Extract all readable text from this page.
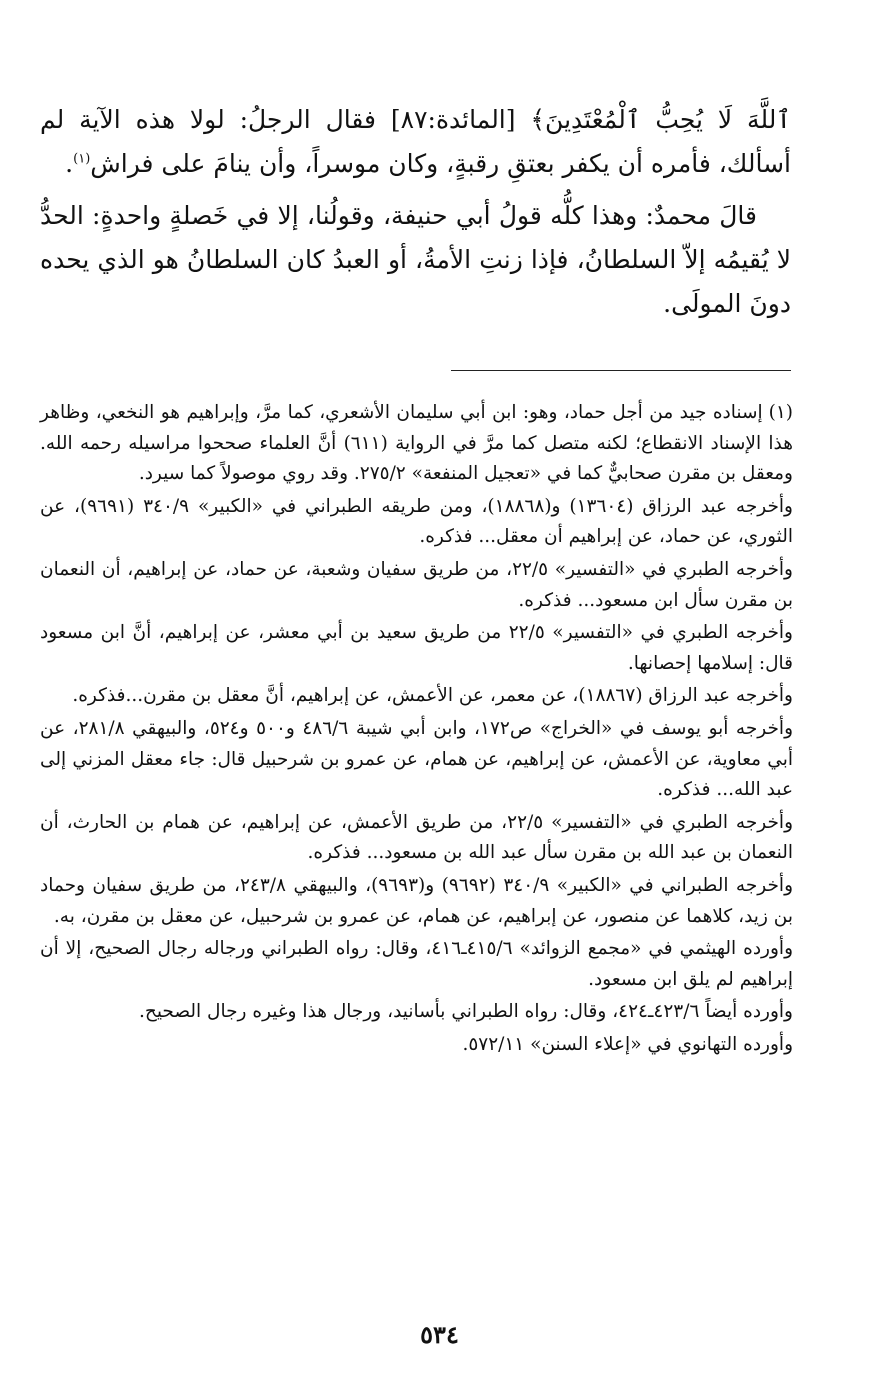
ٱللَّهَ لَا يُحِبُّ ٱلْمُعْتَدِينَ﴾ [المائدة:٨٧] فقال الرجلُ: لولا هذه الآية لم أسألك، فأمره أن يكفر بعتقِ رقبةٍ، وكان موسراً، وأن ينامَ على فراش$^{(١)}$.

قالَ محمدٌ: وهذا كلُّه قولُ أبي حنيفة، وقولُنا، إلا في خَصلةٍ واحدةٍ: الحدُّ لا يُقيمُه إلاّ السلطانُ، فإذا زنتِ الأمةُ، أو العبدُ كان السلطانُ هو الذي يحده دونَ المولَى.

(١)إسناده جيد من أجل حماد، وهو: ابن أبي سليمان الأشعري، كما مرَّ، وإبراهيم هو النخعي، وظاهر هذا الإسناد الانقطاع؛ لكنه متصل كما مرَّ في الرواية (٦١١) أنَّ العلماء صححوا مراسيله رحمه الله. ومعقل بن مقرن صحابيٌّ كما في «تعجيل المنفعة» ٢٧٥/٢. وقد روي موصولاً كما سيرد.

وأخرجه عبد الرزاق (١٣٦٠٤) و(١٨٨٦٨)، ومن طريقه الطبراني في «الكبير» ٣٤٠/٩ (٩٦٩١)، عن الثوري، عن حماد، عن إبراهيم أن معقل... فذكره.

وأخرجه الطبري في «التفسير» ٢٢/٥، من طريق سفيان وشعبة، عن حماد، عن إبراهيم، أن النعمان بن مقرن سأل ابن مسعود... فذكره.

وأخرجه الطبري في «التفسير» ٢٢/٥ من طريق سعيد بن أبي معشر، عن إبراهيم، أنَّ ابن مسعود قال: إسلامها إحصانها.

وأخرجه عبد الرزاق (١٨٨٦٧)، عن معمر، عن الأعمش، عن إبراهيم، أنَّ معقل بن مقرن...فذكره.

وأخرجه أبو يوسف في «الخراج» ص١٧٢، وابن أبي شيبة ٤٨٦/٦ و٥٠٠ و٥٢٤، والبيهقي ٢٨١/٨، عن أبي معاوية، عن الأعمش، عن إبراهيم، عن همام، عن عمرو بن شرحبيل قال: جاء معقل المزني إلى عبد الله... فذكره.

وأخرجه الطبري في «التفسير» ٢٢/٥، من طريق الأعمش، عن إبراهيم، عن همام بن الحارث، أن النعمان بن عبد الله بن مقرن سأل عبد الله بن مسعود... فذكره.

وأخرجه الطبراني في «الكبير» ٣٤٠/٩ (٩٦٩٢) و(٩٦٩٣)، والبيهقي ٢٤٣/٨، من طريق سفيان وحماد بن زيد، كلاهما عن منصور، عن إبراهيم، عن همام، عن عمرو بن شرحبيل، عن معقل بن مقرن، به.

وأورده الهيثمي في «مجمع الزوائد» ٤١٥/٦ـ٤١٦، وقال: رواه الطبراني ورجاله رجال الصحيح، إلا أن إبراهيم لم يلق ابن مسعود.

وأورده أيضاً ٤٢٣/٦ـ٤٢٤، وقال: رواه الطبراني بأسانيد، ورجال هذا وغيره رجال الصحيح.

وأورده التهانوي في «إعلاء السنن» ٥٧٢/١١.

٥٣٤
